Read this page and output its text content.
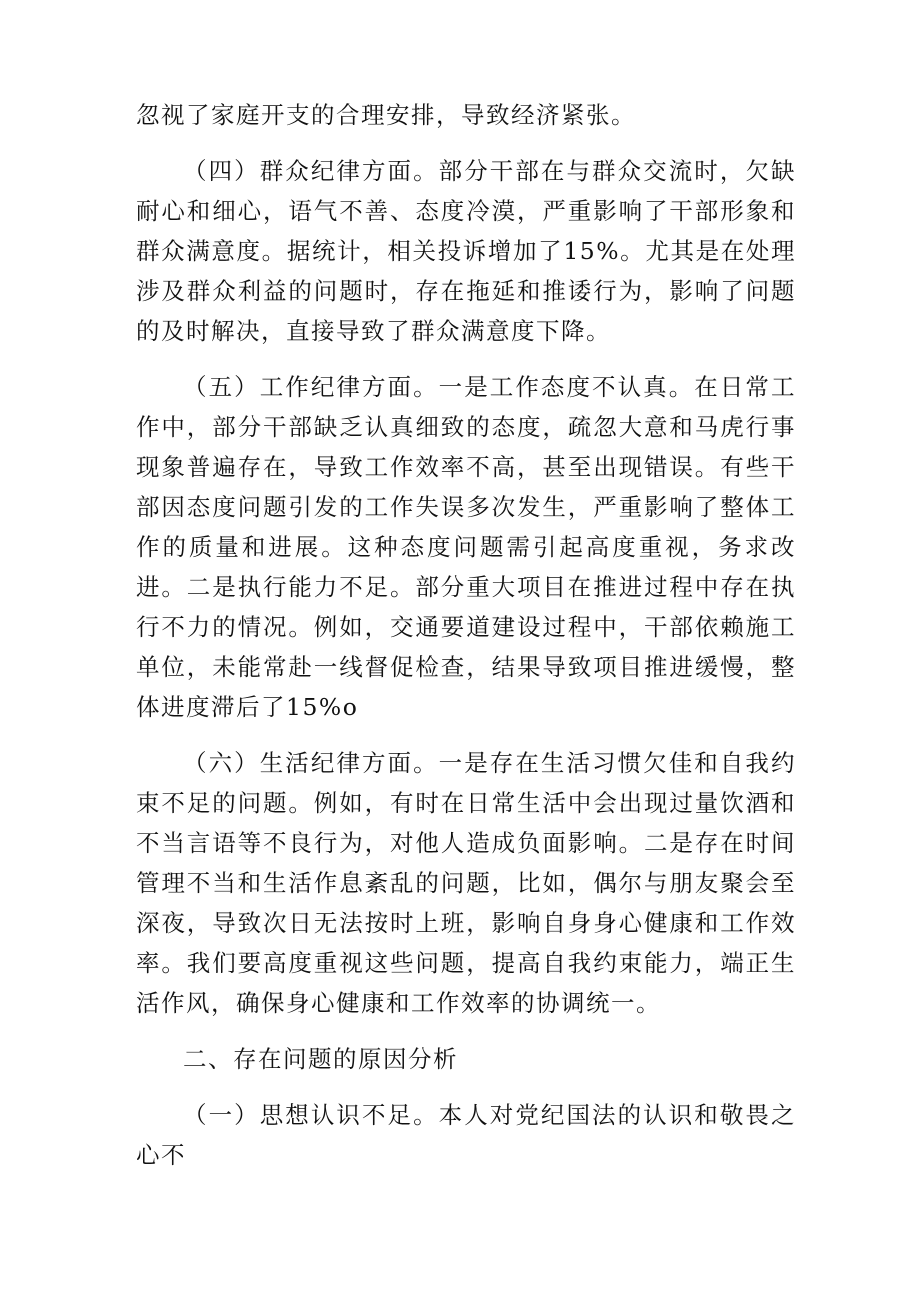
忽视了家庭开支的合理安排，导致经济紧张。

（四）群众纪律方面。部分干部在与群众交流时，欠缺耐心和细心，语气不善、态度冷漠，严重影响了干部形象和群众满意度。据统计，相关投诉增加了15%。尤其是在处理涉及群众利益的问题时，存在拖延和推诿行为，影响了问题的及时解决，直接导致了群众满意度下降。

（五）工作纪律方面。一是工作态度不认真。在日常工作中，部分干部缺乏认真细致的态度，疏忽大意和马虎行事现象普遍存在，导致工作效率不高，甚至出现错误。有些干部因态度问题引发的工作失误多次发生，严重影响了整体工作的质量和进展。这种态度问题需引起高度重视，务求改进。二是执行能力不足。部分重大项目在推进过程中存在执行不力的情况。例如，交通要道建设过程中，干部依赖施工单位，未能常赴一线督促检查，结果导致项目推进缓慢，整体进度滞后了15%o

（六）生活纪律方面。一是存在生活习惯欠佳和自我约束不足的问题。例如，有时在日常生活中会出现过量饮酒和不当言语等不良行为，对他人造成负面影响。二是存在时间管理不当和生活作息紊乱的问题，比如，偶尔与朋友聚会至深夜，导致次日无法按时上班，影响自身身心健康和工作效率。我们要高度重视这些问题，提高自我约束能力，端正生活作风，确保身心健康和工作效率的协调统一。

二、存在问题的原因分析

（一）思想认识不足。本人对党纪国法的认识和敬畏之心不
